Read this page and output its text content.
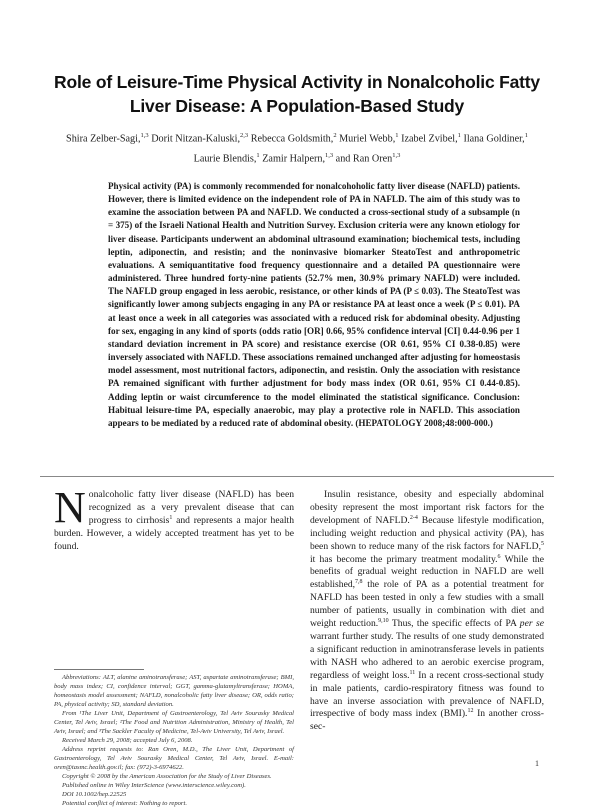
Role of Leisure-Time Physical Activity in Nonalcoholic Fatty Liver Disease: A Population-Based Study
Shira Zelber-Sagi,$^{1,3}$ Dorit Nitzan-Kaluski,$^{2,3}$ Rebecca Goldsmith,$^2$ Muriel Webb,$^1$ Izabel Zvibel,$^1$ Ilana Goldiner,$^1$
Laurie Blendis,$^1$ Zamir Halpern,$^{1,3}$ and Ran Oren$^{1,3}$
Physical activity (PA) is commonly recommended for nonalcohoholic fatty liver disease (NAFLD) patients. However, there is limited evidence on the independent role of PA in NAFLD. The aim of this study was to examine the association between PA and NAFLD. We conducted a cross-sectional study of a subsample (n = 375) of the Israeli National Health and Nutrition Survey. Exclusion criteria were any known etiology for liver disease. Participants underwent an abdominal ultrasound examination; biochemical tests, including leptin, adiponectin, and resistin; and the noninvasive biomarker SteatoTest and anthropometric evaluations. A semiquantitative food frequency questionnaire and a detailed PA questionnaire were administered. Three hundred forty-nine patients (52.7% men, 30.9% primary NAFLD) were included. The NAFLD group engaged in less aerobic, resistance, or other kinds of PA (P ≤ 0.03). The SteatoTest was significantly lower among subjects engaging in any PA or resistance PA at least once a week (P ≤ 0.01). PA at least once a week in all categories was associated with a reduced risk for abdominal obesity. Adjusting for sex, engaging in any kind of sports (odds ratio [OR] 0.66, 95% confidence interval [CI] 0.44-0.96 per 1 standard deviation increment in PA score) and resistance exercise (OR 0.61, 95% CI 0.38-0.85) were inversely associated with NAFLD. These associations remained unchanged after adjusting for homeostasis model assessment, most nutritional factors, adiponectin, and resistin. Only the association with resistance PA remained significant with further adjustment for body mass index (OR 0.61, 95% CI 0.44-0.85). Adding leptin or waist circumference to the model eliminated the statistical significance. Conclusion: Habitual leisure-time PA, especially anaerobic, may play a protective role in NAFLD. This association appears to be mediated by a reduced rate of abdominal obesity. (HEPATOLOGY 2008;48:000-000.)
Nonalcoholic fatty liver disease (NAFLD) has been recognized as a very prevalent disease that can progress to cirrhosis$^1$ and represents a major health burden. However, a widely accepted treatment has yet to be found.
Insulin resistance, obesity and especially abdominal obesity represent the most important risk factors for the development of NAFLD.$^{2-4}$ Because lifestyle modification, including weight reduction and physical activity (PA), has been shown to reduce many of the risk factors for NAFLD,$^5$ it has become the primary treatment modality.$^6$ While the benefits of gradual weight reduction in NAFLD are well established,$^{7,8}$ the role of PA as a potential treatment for NAFLD has been tested in only a few studies with a small number of patients, usually in combination with diet and weight reduction.$^{9,10}$ Thus, the specific effects of PA per se warrant further study. The results of one study demonstrated a significant reduction in aminotransferase levels in patients with NASH who adhered to an aerobic exercise program, regardless of weight loss.$^{11}$ In a recent cross-sectional study in male patients, cardio-respiratory fitness was found to have an inverse association with prevalence of NAFLD, irrespective of body mass index (BMI).$^{12}$ In another cross-sec-

Abbreviations: ALT, alanine aminotransferase; AST, aspartate aminotransferase; BMI, body mass index; CI, confidence interval; GGT, gamma-glutamyltransferase; HOMA, homeostasis model assessment; NAFLD, nonalcoholic fatty liver disease; OR, odds ratio; PA, physical activity; SD, standard deviation.

From ¹The Liver Unit, Department of Gastroenterology, Tel Aviv Sourasky Medical Center, Tel Aviv, Israel; ²The Food and Nutrition Administration, Ministry of Health, Tel Aviv, Israel; and ³The Sackler Faculty of Medicine, Tel-Aviv University, Tel Aviv, Israel.

Received March 29, 2008; accepted July 6, 2008.

Address reprint requests to: Ran Oren, M.D., The Liver Unit, Department of Gastroenterology, Tel Aviv Sourasky Medical Center, Tel Aviv, Israel. E-mail: oren@tasmc.health.gov.il; fax: (972)-3-6974622.

Copyright © 2008 by the American Association for the Study of Liver Diseases.

Published online in Wiley InterScience (www.interscience.wiley.com).

DOI 10.1002/hep.22525

Potential conflict of interest: Nothing to report.

1
